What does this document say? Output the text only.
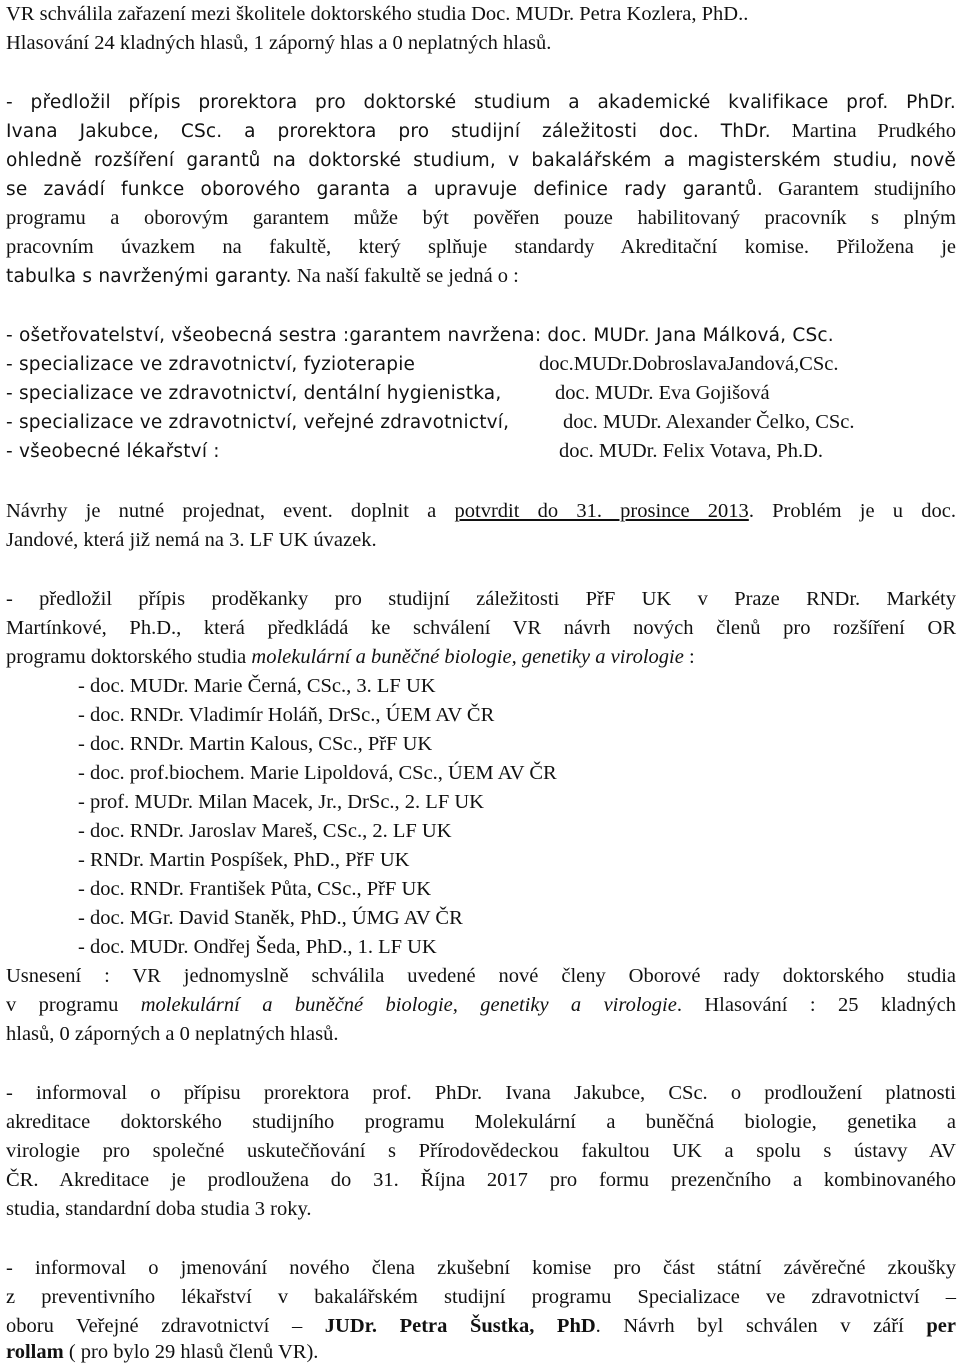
VR schválila zařazení mezi školitele doktorského studia Doc. MUDr. Petra Kozlera, PhD..
Hlasování 24 kladných hlasů, 1 záporný hlas a 0 neplatných hlasů.
- předložil přípis prorektora pro doktorské studium a akademické kvalifikace prof. PhDr.
Ivana Jakubce, CSc. a prorektora pro studijní záležitosti doc. ThDr. Martina Prudkého
ohledně rozšíření garantů na doktorské studium, v bakalářském a magisterském studiu, nově
se zavádí funkce oborového garanta a upravuje definice rady garantů. Garantem studijního
programu a oborovým garantem může být pověřen pouze habilitovaný pracovník s plným
pracovním úvazkem na fakultě, který splňuje standardy Akreditační komise. Přiložena je
tabulka s navrženými garanty. Na naší fakultě se jedná o :
- ošetřovatelství, všeobecná sestra :garantem navržena: doc. MUDr. Jana Málková, CSc.
- specializace ve zdravotnictví, fyzioterapie	doc.MUDr.DobroslavaJandová,CSc.
- specializace ve zdravotnictví, dentální hygienistka,	doc. MUDr. Eva Gojišová
- specializace ve zdravotnictví, veřejné zdravotnictví,	doc. MUDr. Alexander Čelko, CSc.
- všeobecné lékařství :	doc. MUDr. Felix Votava, Ph.D.
Návrhy je nutné projednat, event. doplnit a potvrdit do 31. prosince 2013. Problém je u doc.
Jandové, která již nemá na 3. LF UK úvazek.
- předložil přípis proděkanky pro studijní záležitosti PřF UK v Praze RNDr. Markéty
Martínkové, Ph.D., která předkládá ke schválení VR návrh nových členů pro rozšíření OR
programu doktorského studia molekulární a buněčné biologie, genetiky a virologie :
- doc. MUDr. Marie Černá, CSc., 3. LF UK
- doc. RNDr. Vladimír Holáň, DrSc., ÚEM AV ČR
- doc. RNDr. Martin Kalous, CSc., PřF UK
- doc. prof.biochem. Marie Lipoldová, CSc., ÚEM AV ČR
- prof. MUDr. Milan Macek, Jr., DrSc., 2. LF UK
- doc. RNDr. Jaroslav Mareš, CSc., 2. LF UK
- RNDr. Martin Pospíšek, PhD., PřF UK
- doc. RNDr. František Půta, CSc., PřF UK
- doc. MGr. David Staněk, PhD., ÚMG AV ČR
- doc. MUDr. Ondřej Šeda, PhD., 1. LF UK
Usnesení : VR jednomyslně schválila uvedené nové členy Oborové rady doktorského studia
v programu molekulární a buněčné biologie, genetiky a virologie. Hlasování : 25 kladných
hlasů, 0 záporných a 0 neplatných hlasů.
- informoval o přípisu prorektora prof. PhDr. Ivana Jakubce, CSc. o prodloužení platnosti
akreditace doktorského studijního programu Molekulární a buněčná biologie, genetika a
virologie pro společné uskutečňování s Přírodovědeckou fakultou UK a spolu s ústavy AV
ČR. Akreditace je prodloužena do 31. Října 2017 pro formu prezenčního a kombinovaného
studia, standardní doba studia 3 roky.
- informoval o jmenování nového člena zkušební komise pro část státní závěrečné zkoušky
z preventivního lékařství v bakalářském studijní programu Specializace ve zdravotnictví –
oboru Veřejné zdravotnictví – JUDr. Petra Šustka, PhD. Návrh byl schválen v září per
rollam ( pro bylo 29 hlasů členů VR).
